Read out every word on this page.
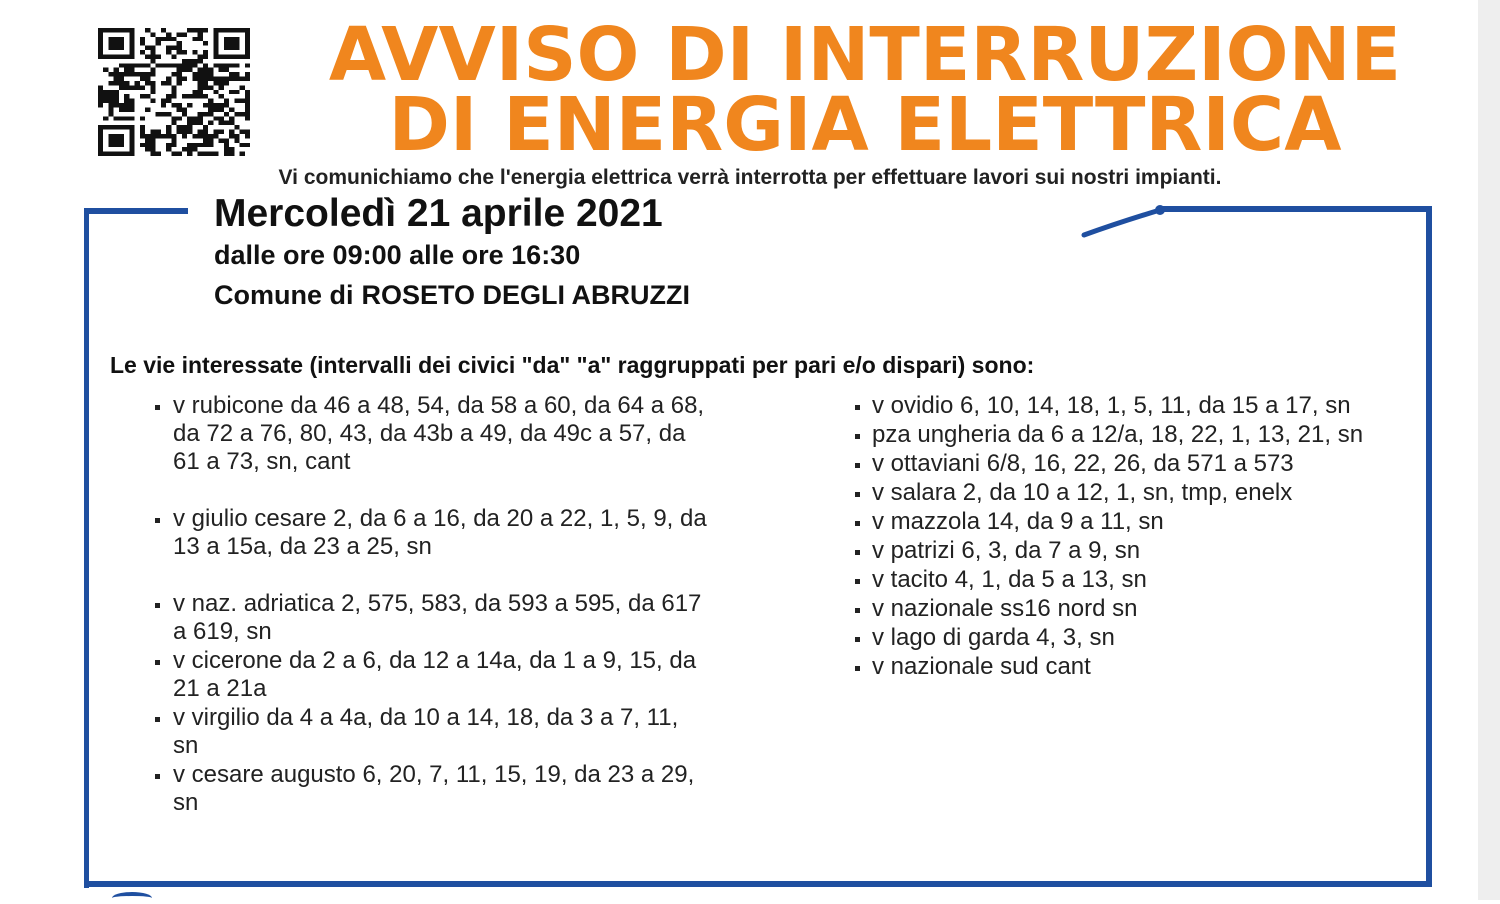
AVVISO DI INTERRUZIONE
DI ENERGIA ELETTRICA
Vi comunichiamo che l'energia elettrica verrà interrotta per effettuare lavori sui nostri impianti.
Mercoledì 21 aprile 2021
dalle ore 09:00 alle ore 16:30
Comune di ROSETO DEGLI ABRUZZI
Le vie interessate (intervalli dei civici "da" "a" raggruppati per pari e/o dispari) sono:
v rubicone da 46 a 48, 54, da 58 a 60, da 64 a 68, da 72 a 76, 80, 43, da 43b a 49, da 49c a 57, da 61 a 73, sn, cant
v giulio cesare 2, da 6 a 16, da 20 a 22, 1, 5, 9, da 13 a 15a, da 23 a 25, sn
v naz. adriatica 2, 575, 583, da 593 a 595, da 617 a 619, sn
v cicerone da 2 a 6, da 12 a 14a, da 1 a 9, 15, da 21 a 21a
v virgilio da 4 a 4a, da 10 a 14, 18, da 3 a 7, 11, sn
v cesare augusto 6, 20, 7, 11, 15, 19, da 23 a 29, sn
v ovidio 6, 10, 14, 18, 1, 5, 11, da 15 a 17, sn
pza ungheria da 6 a 12/a, 18, 22, 1, 13, 21, sn
v ottaviani 6/8, 16, 22, 26, da 571 a 573
v salara 2, da 10 a 12, 1, sn, tmp, enelx
v mazzola 14, da 9 a 11, sn
v patrizi 6, 3, da 7 a 9, sn
v tacito 4, 1, da 5 a 13, sn
v nazionale ss16 nord sn
v lago di garda 4, 3, sn
v nazionale sud cant
